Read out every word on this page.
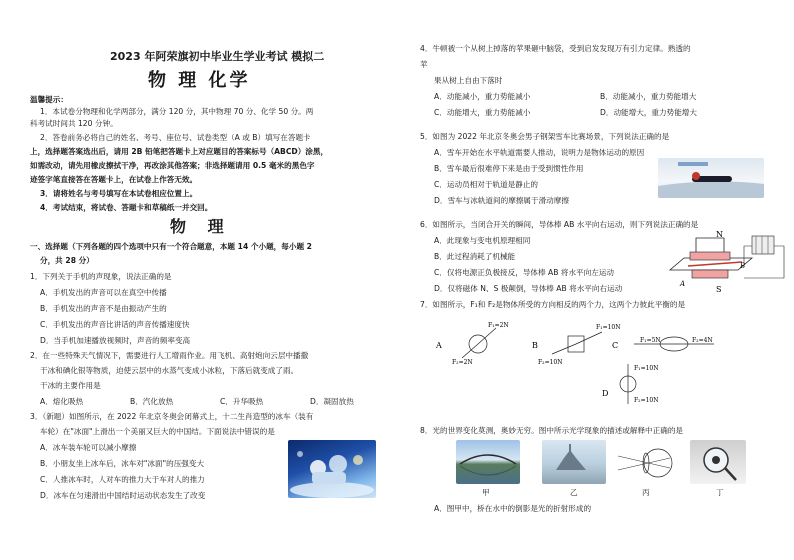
2023 年阿荣旗初中毕业生学业考试 模拟二
物 理 化学
温馨提示：
1．本试卷分物理和化学两部分，满分 120 分，其中物理 70 分、化学 50 分。两
科考试时间共 120 分钟。
2．答卷前务必将自己的姓名、考号、座位号、试卷类型（A 或 B）填写在答题卡
上，选择题答案选出后，请用 2B 铅笔把答题卡上对应题目的答案标号（ABCD）涂黑，
如需改动，请先用橡皮擦拭干净，再改涂其他答案；非选择题请用 0.5 毫米的黑色字
迹签字笔直接答在答题卡上，在试卷上作答无效。
3．请将姓名与考号填写在本试卷相应位置上。
4．考试结束，将试卷、答题卡和草稿纸一并交回。
物 理
一、选择题（下列各题的四个选项中只有一个符合题意，本题 14 个小题，每小题 2
分，共 28 分）
1．下列关于手机的声现象，说法正确的是
A．手机发出的声音可以在真空中传播
B．手机发出的声音不是由振动产生的
C．手机发出的声音比讲话的声音传播速度快
D．当手机加速播放视频时，声音的频率变高
2．在一些特殊天气情况下，需要进行人工增雨作业。用飞机、高射炮向云层中播撒
干冰和碘化银等物质，迫使云层中的水蒸气变成小冰粒，下落后就变成了雨。
干冰的主要作用是
A．熔化吸热	B．汽化放热	C．升华吸热	D．凝固放热
3．（新题）如图所示，在 2022 年北京冬奥会闭幕式上，十二生肖造型的冰车（装有
车轮）在"冰面"上滑出一个美丽又巨大的中国结。下面说法中错误的是
A．冰车装车轮可以减小摩擦
B．小朋友坐上冰车后，冰车对"冰面"的压强变大
C．人推冰车时，人对车的推力大于车对人的推力
D．冰车在匀速滑出中国结时运动状态发生了改变
4．牛顿被一个从树上掉落的苹果砸中脑袋，受到启发发现万有引力定律。熟透的
苹
果从树上自由下落时
A．动能减小，重力势能减小	B．动能减小，重力势能增大
C．动能增大，重力势能减小	D．动能增大，重力势能增大
5．如图为 2022 年北京冬奥会男子钢架雪车比赛场景，下列说法正确的是
A．雪车开始在水平轨道需要人推动，说明力是物体运动的原因
B．雪车最后很难停下来是由于受到惯性作用
C．运动员相对于轨道是静止的
D．雪车与冰轨道间的摩擦属于滑动摩擦
6．如图所示，当闭合开关的瞬间，导体棒 AB 水平向右运动，则下列说法正确的是
A．此现象与变电机原理相同
B．此过程消耗了机械能
C．仅将电源正负极接反，导体棒 AB 将水平向左运动
D．仅将磁体 N、S 极颠倒，导体棒 AB 将水平向右运动
N
S
A
B
7．如图所示，F₁和 F₂是物体所受的方向相反的两个力，这两个力彼此平衡的是
A
F₁=2N
F₂=2N
B
F₁=10N
F₂=10N
C
F₁=5N	F₂=4N
D
F₁=10N
F₂=10N
8．光的世界变化莫测，奥妙无穷。图中所示光学现象的描述或解释中正确的是
甲	乙	丙	丁
A．图甲中，桥在水中的倒影是光的折射形成的
